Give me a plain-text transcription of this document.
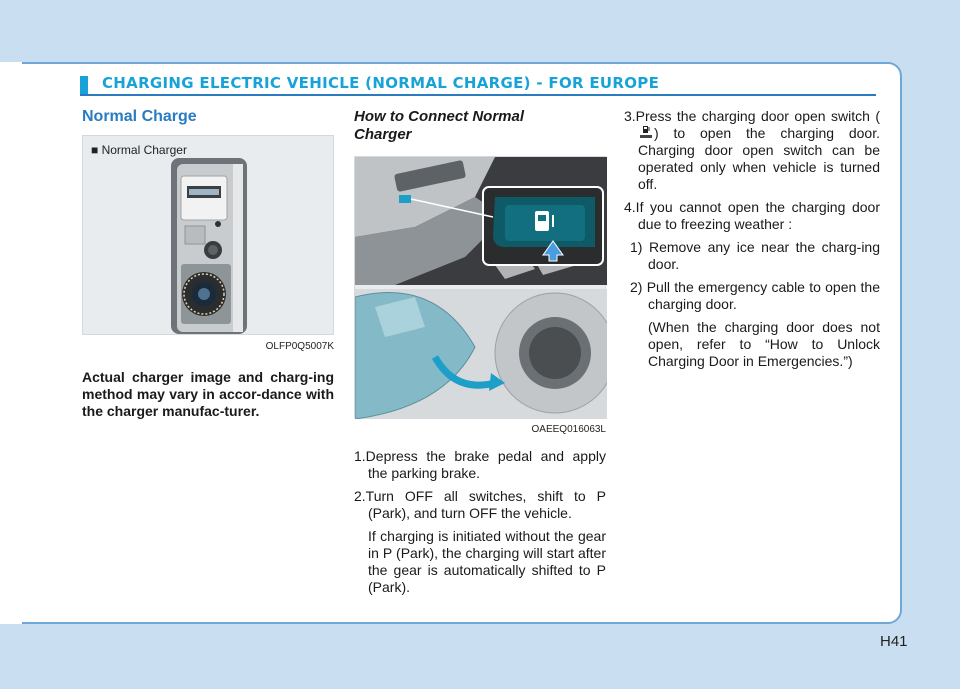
CHARGING ELECTRIC VEHICLE (NORMAL CHARGE) - FOR EUROPE
Normal Charge
■ Normal Charger
OLFP0Q5007K

Actual charger image and charg-ing method may vary in accor-dance with the charger manufac-turer.

How to Connect Normal Charger
OAEEQ016063L

1.Depress the brake pedal and apply the parking brake.

2.Turn OFF all switches, shift to P (Park), and turn OFF the vehicle.

If charging is initiated without the gear in P (Park), the charging will start after the gear is automatically shifted to P (Park).

3.Press the charging door open switch () to open the charging door. Charging door open switch can be operated only when vehicle is turned off.

4.If you cannot open the charging door due to freezing weather :

1) Remove any ice near the charg-ing door.

2) Pull the emergency cable to open the charging door.

(When the charging door does not open, refer to “How to Unlock Charging Door in Emergencies.”)

H41
